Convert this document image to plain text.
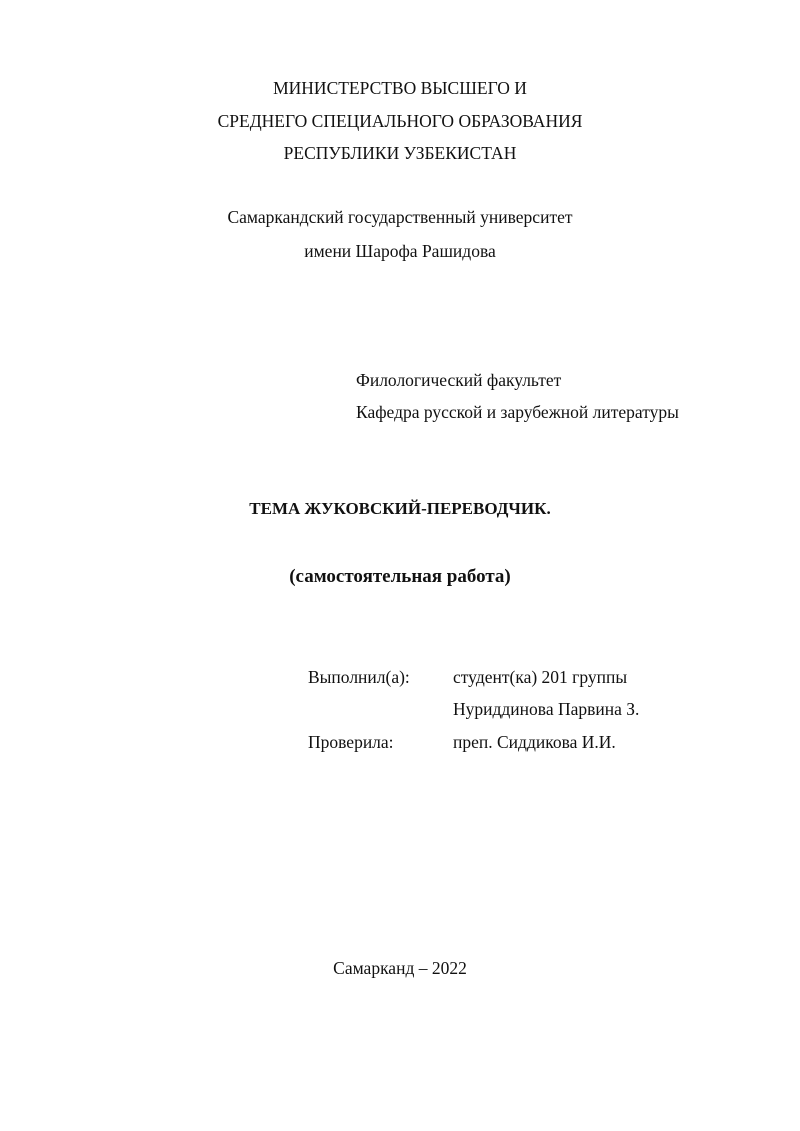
МИНИСТЕРСТВО ВЫСШЕГО И
СРЕДНЕГО СПЕЦИАЛЬНОГО ОБРАЗОВАНИЯ
РЕСПУБЛИКИ УЗБЕКИСТАН
Самаркандский государственный университет
имени Шарофа Рашидова
Филологический факультет
Кафедра русской и зарубежной литературы
ТЕМА ЖУКОВСКИЙ-ПЕРЕВОДЧИК.
(самостоятельная работа)
Выполнил(а): студент(ка) 201 группы
Нуриддинова Парвина З.
Проверила:	преп. Сиддикова И.И.
Самарканд – 2022
